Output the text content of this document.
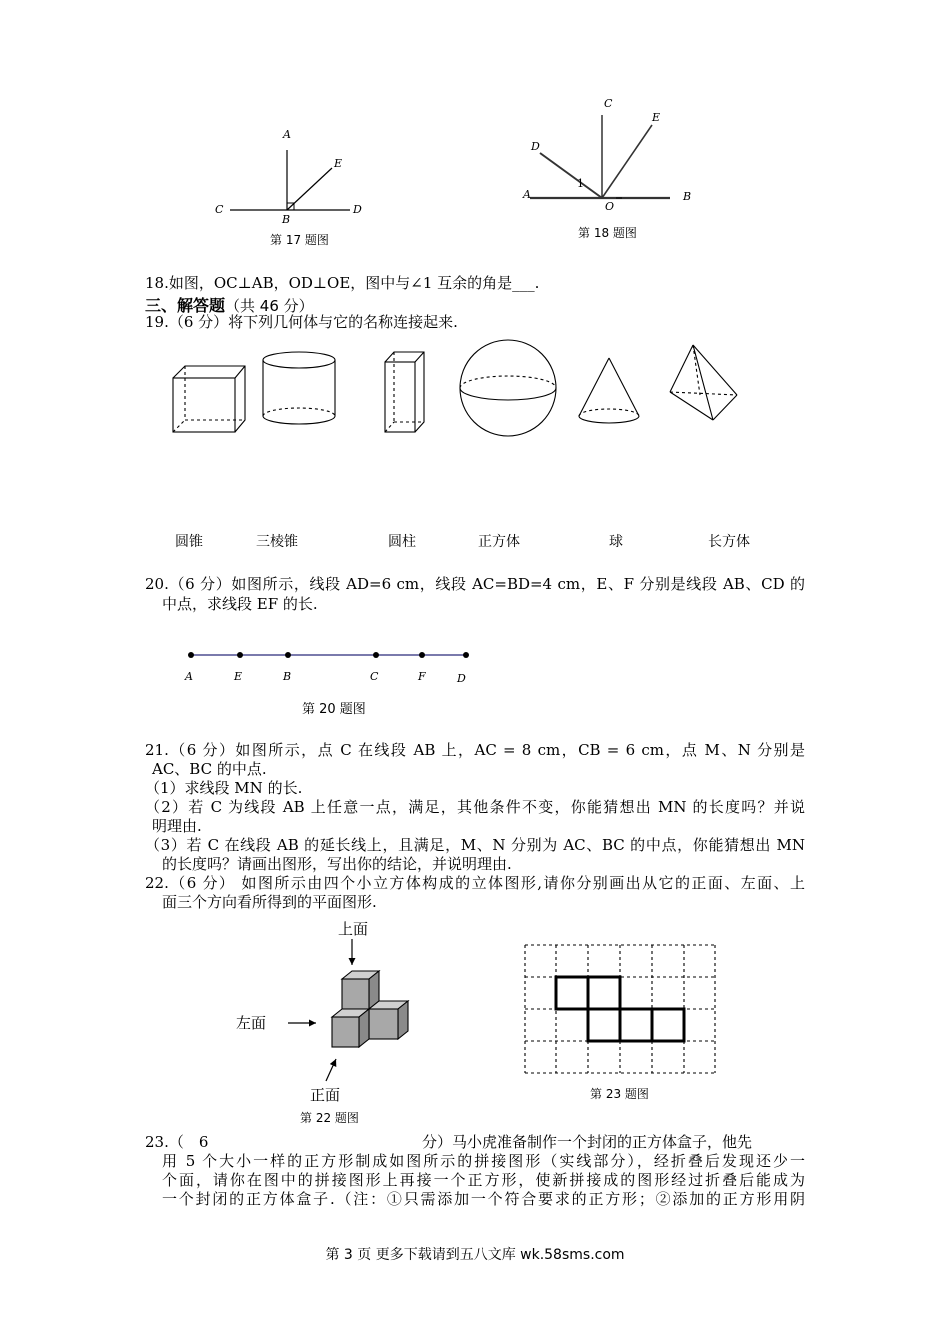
A
E
C
B
D
第 17 题图
C
E
D
A
1
O
B
第 18 题图
18.如图，OC⊥AB，OD⊥OE，图中与∠1 互余的角是___.
三、解答题（共 46 分）
19.（6 分）将下列几何体与它的名称连接起来.
圆锥	三棱锥	圆柱	正方体	球	长方体
20.（6 分）如图所示，线段 AD=6 cm，线段 AC=BD=4 cm，E、F 分别是线段 AB、CD 的
中点，求线段 EF 的长.
A	E	B	C	F	D
第 20 题图
21.（6 分）如图所示，点 C 在线段 AB 上，AC = 8 cm，CB = 6 cm，点 M、N 分别是
AC、BC 的中点.
（1）求线段 MN 的长.
（2）若 C 为线段 AB 上任意一点，满足，其他条件不变，你能猜想出 MN 的长度吗？并说
明理由.
（3）若 C 在线段 AB 的延长线上，且满足，M、N 分别为 AC、BC 的中点，你能猜想出 MN
的长度吗？请画出图形，写出你的结论，并说明理由.
22.（6 分） 如图所示由四个小立方体构成的立体图形,请你分别画出从它的正面、左面、上
面三个方向看所得到的平面图形.
上面
左面
正面
第 22 题图
第 23 题图
23.（　6	分）马小虎准备制作一个封闭的正方体盒子，他先
用 5 个大小一样的正方形制成如图所示的拼接图形（实线部分），经折叠后发现还少一
个面，请你在图中的拼接图形上再接一个正方形，使新拼接成的图形经过折叠后能成为
一个封闭的正方体盒子.（注：①只需添加一个符合要求的正方形；②添加的正方形用阴
第 3 页 更多下载请到五八文库 wk.58sms.com
